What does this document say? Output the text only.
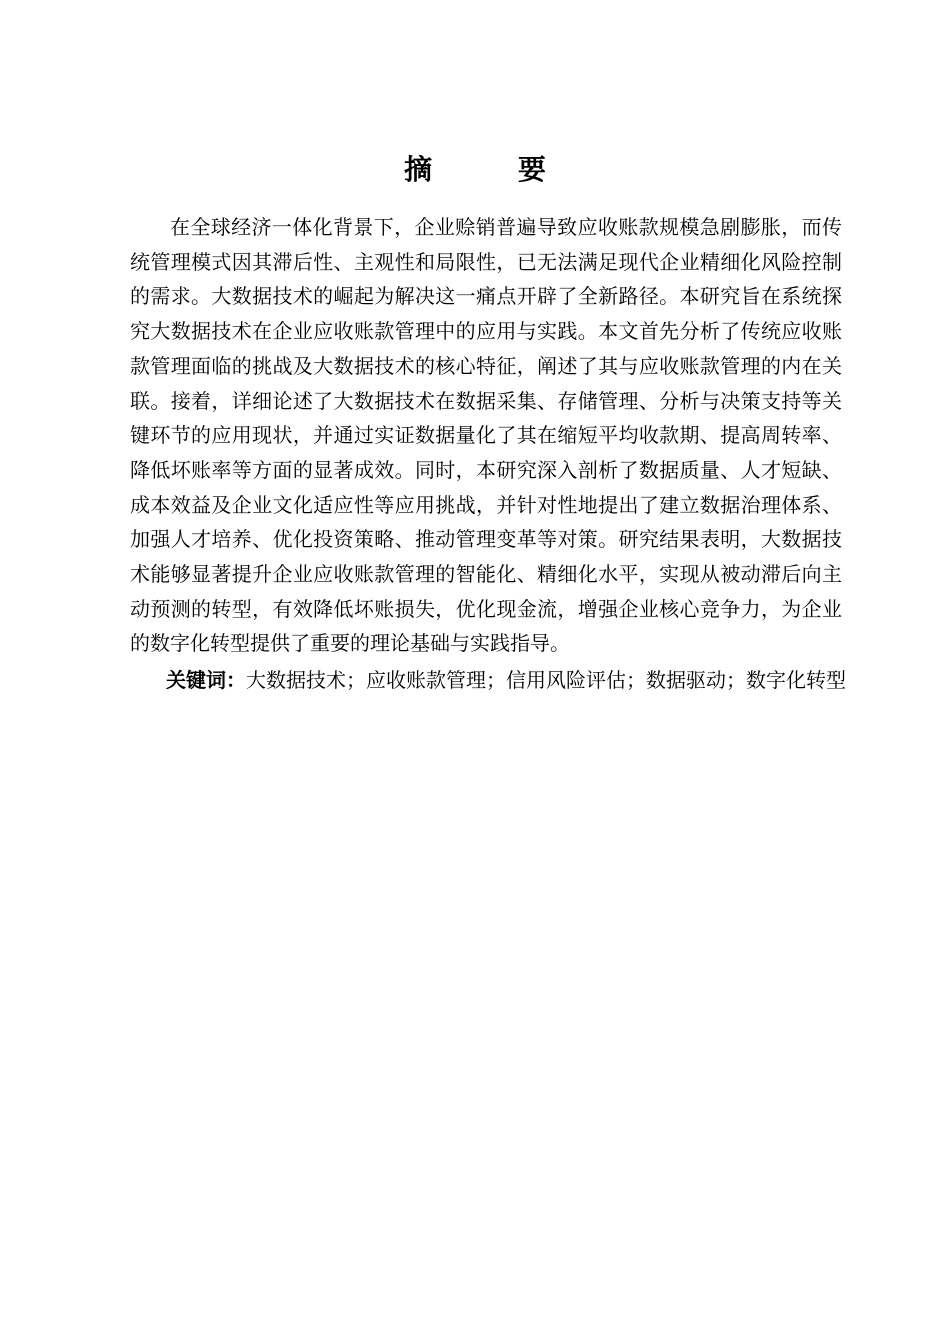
摘 要

在全球经济一体化背景下，企业赊销普遍导致应收账款规模急剧膨胀，而传统管理模式因其滞后性、主观性和局限性，已无法满足现代企业精细化风险控制的需求。大数据技术的崛起为解决这一痛点开辟了全新路径。本研究旨在系统探究大数据技术在企业应收账款管理中的应用与实践。本文首先分析了传统应收账款管理面临的挑战及大数据技术的核心特征，阐述了其与应收账款管理的内在关联。接着，详细论述了大数据技术在数据采集、存储管理、分析与决策支持等关键环节的应用现状，并通过实证数据量化了其在缩短平均收款期、提高周转率、降低坏账率等方面的显著成效。同时，本研究深入剖析了数据质量、人才短缺、成本效益及企业文化适应性等应用挑战，并针对性地提出了建立数据治理体系、加强人才培养、优化投资策略、推动管理变革等对策。研究结果表明，大数据技术能够显著提升企业应收账款管理的智能化、精细化水平，实现从被动滞后向主动预测的转型，有效降低坏账损失，优化现金流，增强企业核心竞争力，为企业的数字化转型提供了重要的理论基础与实践指导。

关键词：大数据技术；应收账款管理；信用风险评估；数据驱动；数字化转型
